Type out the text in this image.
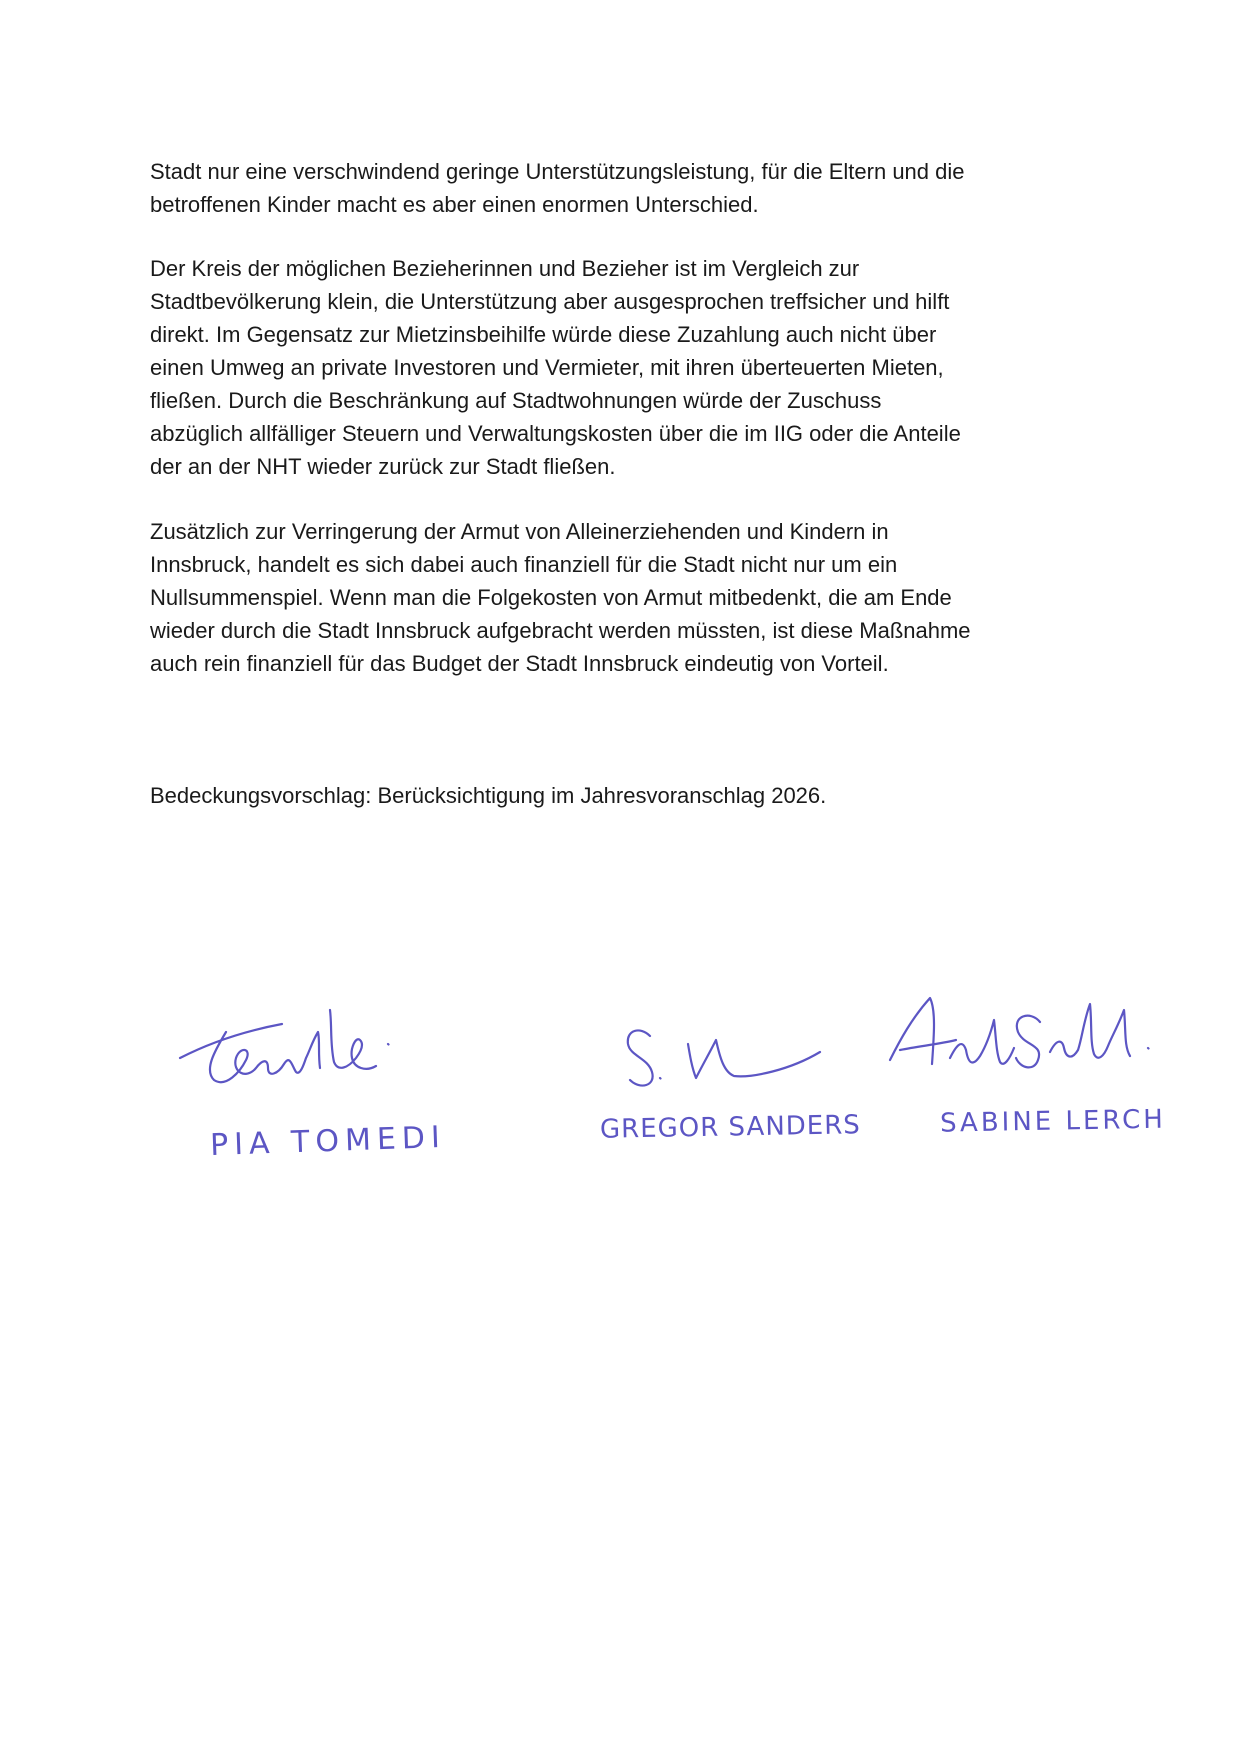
Stadt nur eine verschwindend geringe Unterstützungsleistung, für die Eltern und die
betroffenen Kinder macht es aber einen enormen Unterschied.

Der Kreis der möglichen Bezieherinnen und Bezieher ist im Vergleich zur
Stadtbevölkerung klein, die Unterstützung aber ausgesprochen treffsicher und hilft
direkt. Im Gegensatz zur Mietzinsbeihilfe würde diese Zuzahlung auch nicht über
einen Umweg an private Investoren und Vermieter, mit ihren überteuerten Mieten,
fließen. Durch die Beschränkung auf Stadtwohnungen würde der Zuschuss
abzüglich allfälliger Steuern und Verwaltungskosten über die im IIG oder die Anteile
der an der NHT wieder zurück zur Stadt fließen.

Zusätzlich zur Verringerung der Armut von Alleinerziehenden und Kindern in
Innsbruck, handelt es sich dabei auch finanziell für die Stadt nicht nur um ein
Nullsummenspiel. Wenn man die Folgekosten von Armut mitbedenkt, die am Ende
wieder durch die Stadt Innsbruck aufgebracht werden müssten, ist diese Maßnahme
auch rein finanziell für das Budget der Stadt Innsbruck eindeutig von Vorteil.

Bedeckungsvorschlag: Berücksichtigung im Jahresvoranschlag 2026.

PIA TOMEDI	GREGOR SANDERS	SABINE LERCH
